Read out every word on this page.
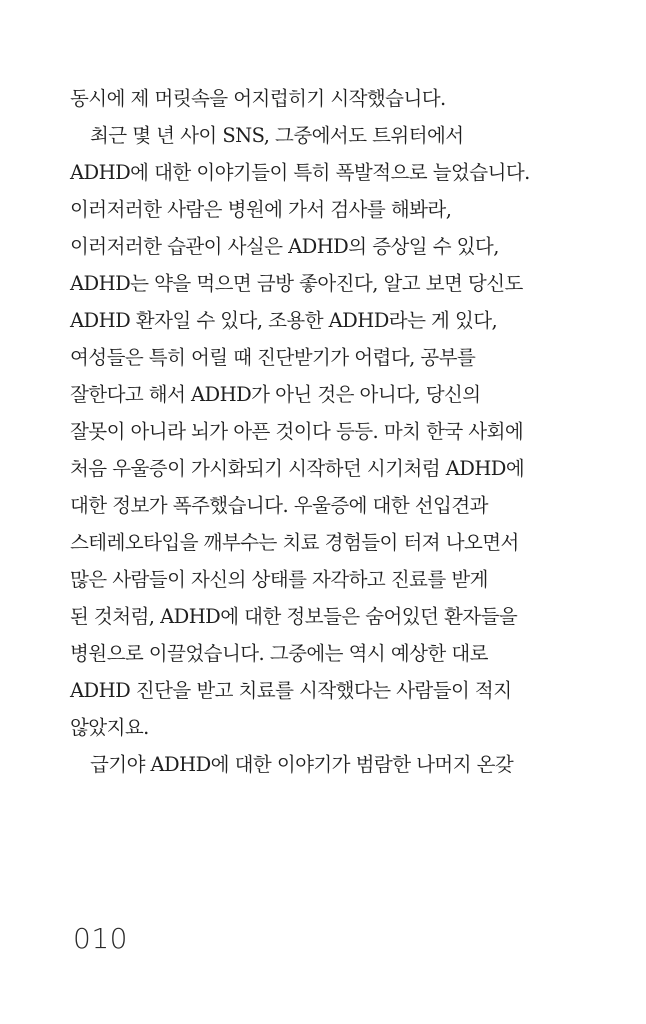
동시에 제 머릿속을 어지럽히기 시작했습니다.
최근 몇 년 사이 SNS, 그중에서도 트위터에서
ADHD에 대한 이야기들이 특히 폭발적으로 늘었습니다.
이러저러한 사람은 병원에 가서 검사를 해봐라,
이러저러한 습관이 사실은 ADHD의 증상일 수 있다,
ADHD는 약을 먹으면 금방 좋아진다, 알고 보면 당신도
ADHD 환자일 수 있다, 조용한 ADHD라는 게 있다,
여성들은 특히 어릴 때 진단받기가 어렵다, 공부를
잘한다고 해서 ADHD가 아닌 것은 아니다, 당신의
잘못이 아니라 뇌가 아픈 것이다 등등. 마치 한국 사회에
처음 우울증이 가시화되기 시작하던 시기처럼 ADHD에
대한 정보가 폭주했습니다. 우울증에 대한 선입견과
스테레오타입을 깨부수는 치료 경험들이 터져 나오면서
많은 사람들이 자신의 상태를 자각하고 진료를 받게
된 것처럼, ADHD에 대한 정보들은 숨어있던 환자들을
병원으로 이끌었습니다. 그중에는 역시 예상한 대로
ADHD 진단을 받고 치료를 시작했다는 사람들이 적지
않았지요.
급기야 ADHD에 대한 이야기가 범람한 나머지 온갖
010
